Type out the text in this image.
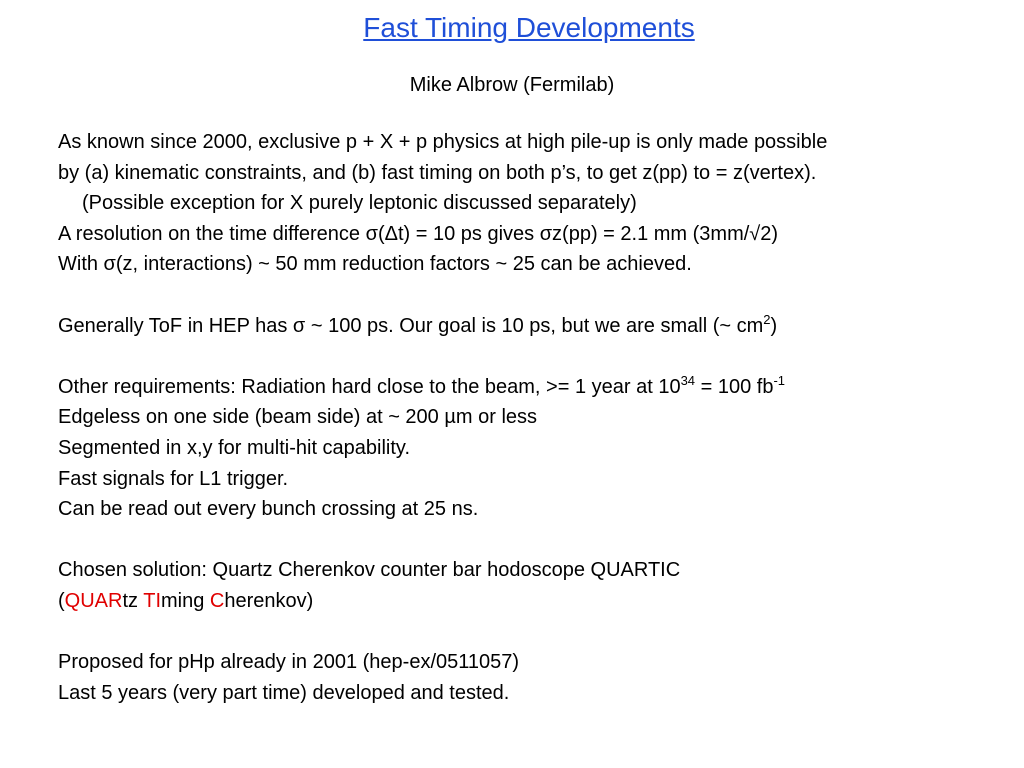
Fast Timing Developments
Mike Albrow (Fermilab)
As known since 2000, exclusive p + X + p physics at high pile-up is only made possible
by (a) kinematic constraints, and (b) fast timing on both p’s, to get z(pp) to = z(vertex).
(Possible exception for X purely leptonic discussed separately)
A resolution on the time difference σ(Δt) = 10 ps gives σz(pp) = 2.1 mm (3mm/√2)
With σ(z, interactions) ~ 50 mm reduction factors ~ 25 can be achieved.
Generally ToF in HEP has σ ~ 100 ps. Our goal is 10 ps, but we are small (~ $cm^2$)
Other requirements: Radiation hard close to the beam, >= 1 year at $10^{34} = 100$ $fb^{-1}$
Edgeless on one side (beam side) at ~ 200 µm or less
Segmented in x,y for multi-hit capability.
Fast signals for L1 trigger.
Can be read out every bunch crossing at 25 ns.
Chosen solution: Quartz Cherenkov counter bar hodoscope QUARTIC
(QUARtz TIming Cherenkov)
Proposed for pHp already in 2001 (hep-ex/0511057)
Last 5 years (very part time) developed and tested.
